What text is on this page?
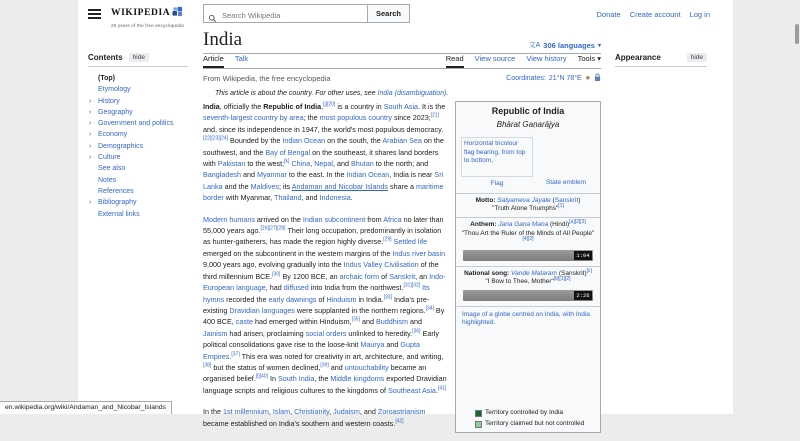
WIKIPEDIA
25 years of the free encyclopedia
Search Wikipedia
Search	Donate Create account Log in
Contents	hide
(Top)
Etymology
› History
› Geography
› Government and politics
› Economy
› Demographics
› Culture
See also
Notes
References
› Bibliography
External links
Appearance	hide
India	文A 306 languages ▾
Article Talk	Read View source View history Tools ▾
From Wikipedia, the free encyclopedia	Coordinates: 21°N 78°E ★
This article is about the country. For other uses, see India (disambiguation).
Republic of India
Bhārat Gaṇarājya
Horizontal tricolour flag bearing, from top to bottom,
Flag	State emblem
Motto: Satyameva Jayate (Sanskrit)
"Truth Alone Triumphs"[1]
Anthem: Jana Gana Mana (Hindi)[a][2][3]
"Thou Art the Ruler of the Minds of All People"[4][2]
1:04
National song: Vande Mataram (Sanskrit)[c]
"I Bow to Thee, Mother"[b][1][2]
2:26
Image of a globe centred on India, with India highlighted.
Territory controlled by India
Territory claimed but not controlled

India, officially the Republic of India,[j][20] is a country in South Asia. It is the seventh-largest country by area; the most populous country since 2023;[21] and, since its independence in 1947, the world's most populous democracy.[22][23][24] Bounded by the Indian Ocean on the south, the Arabian Sea on the southwest, and the Bay of Bengal on the southeast, it shares land borders with Pakistan to the west;[k] China, Nepal, and Bhutan to the north; and Bangladesh and Myanmar to the east. In the Indian Ocean, India is near Sri Lanka and the Maldives; its Andaman and Nicobar Islands share a maritime border with Myanmar, Thailand, and Indonesia.

Modern humans arrived on the Indian subcontinent from Africa no later than 55,000 years ago.[26][27][28] Their long occupation, predominantly in isolation as hunter-gatherers, has made the region highly diverse.[29] Settled life emerged on the subcontinent in the western margins of the Indus river basin 9,000 years ago, evolving gradually into the Indus Valley Civilisation of the third millennium BCE.[30] By 1200 BCE, an archaic form of Sanskrit, an Indo-European language, had diffused into India from the northwest.[31][32] Its hymns recorded the early dawnings of Hinduism in India.[33] India's pre-existing Dravidian languages were supplanted in the northern regions.[34] By 400 BCE, caste had emerged within Hinduism,[35] and Buddhism and Jainism had arisen, proclaiming social orders unlinked to heredity.[36] Early political consolidations gave rise to the loose-knit Maurya and Gupta Empires.[37] This era was noted for creativity in art, architecture, and writing,[38] but the status of women declined,[39] and untouchability became an organised belief.[l][40] In South India, the Middle kingdoms exported Dravidian language scripts and religious cultures to the kingdoms of Southeast Asia.[41]

In the 1st millennium, Islam, Christianity, Judaism, and Zoroastrianism became established on India's southern and western coasts.[42]

en.wikipedia.org/wiki/Andaman_and_Nicobar_Islands
